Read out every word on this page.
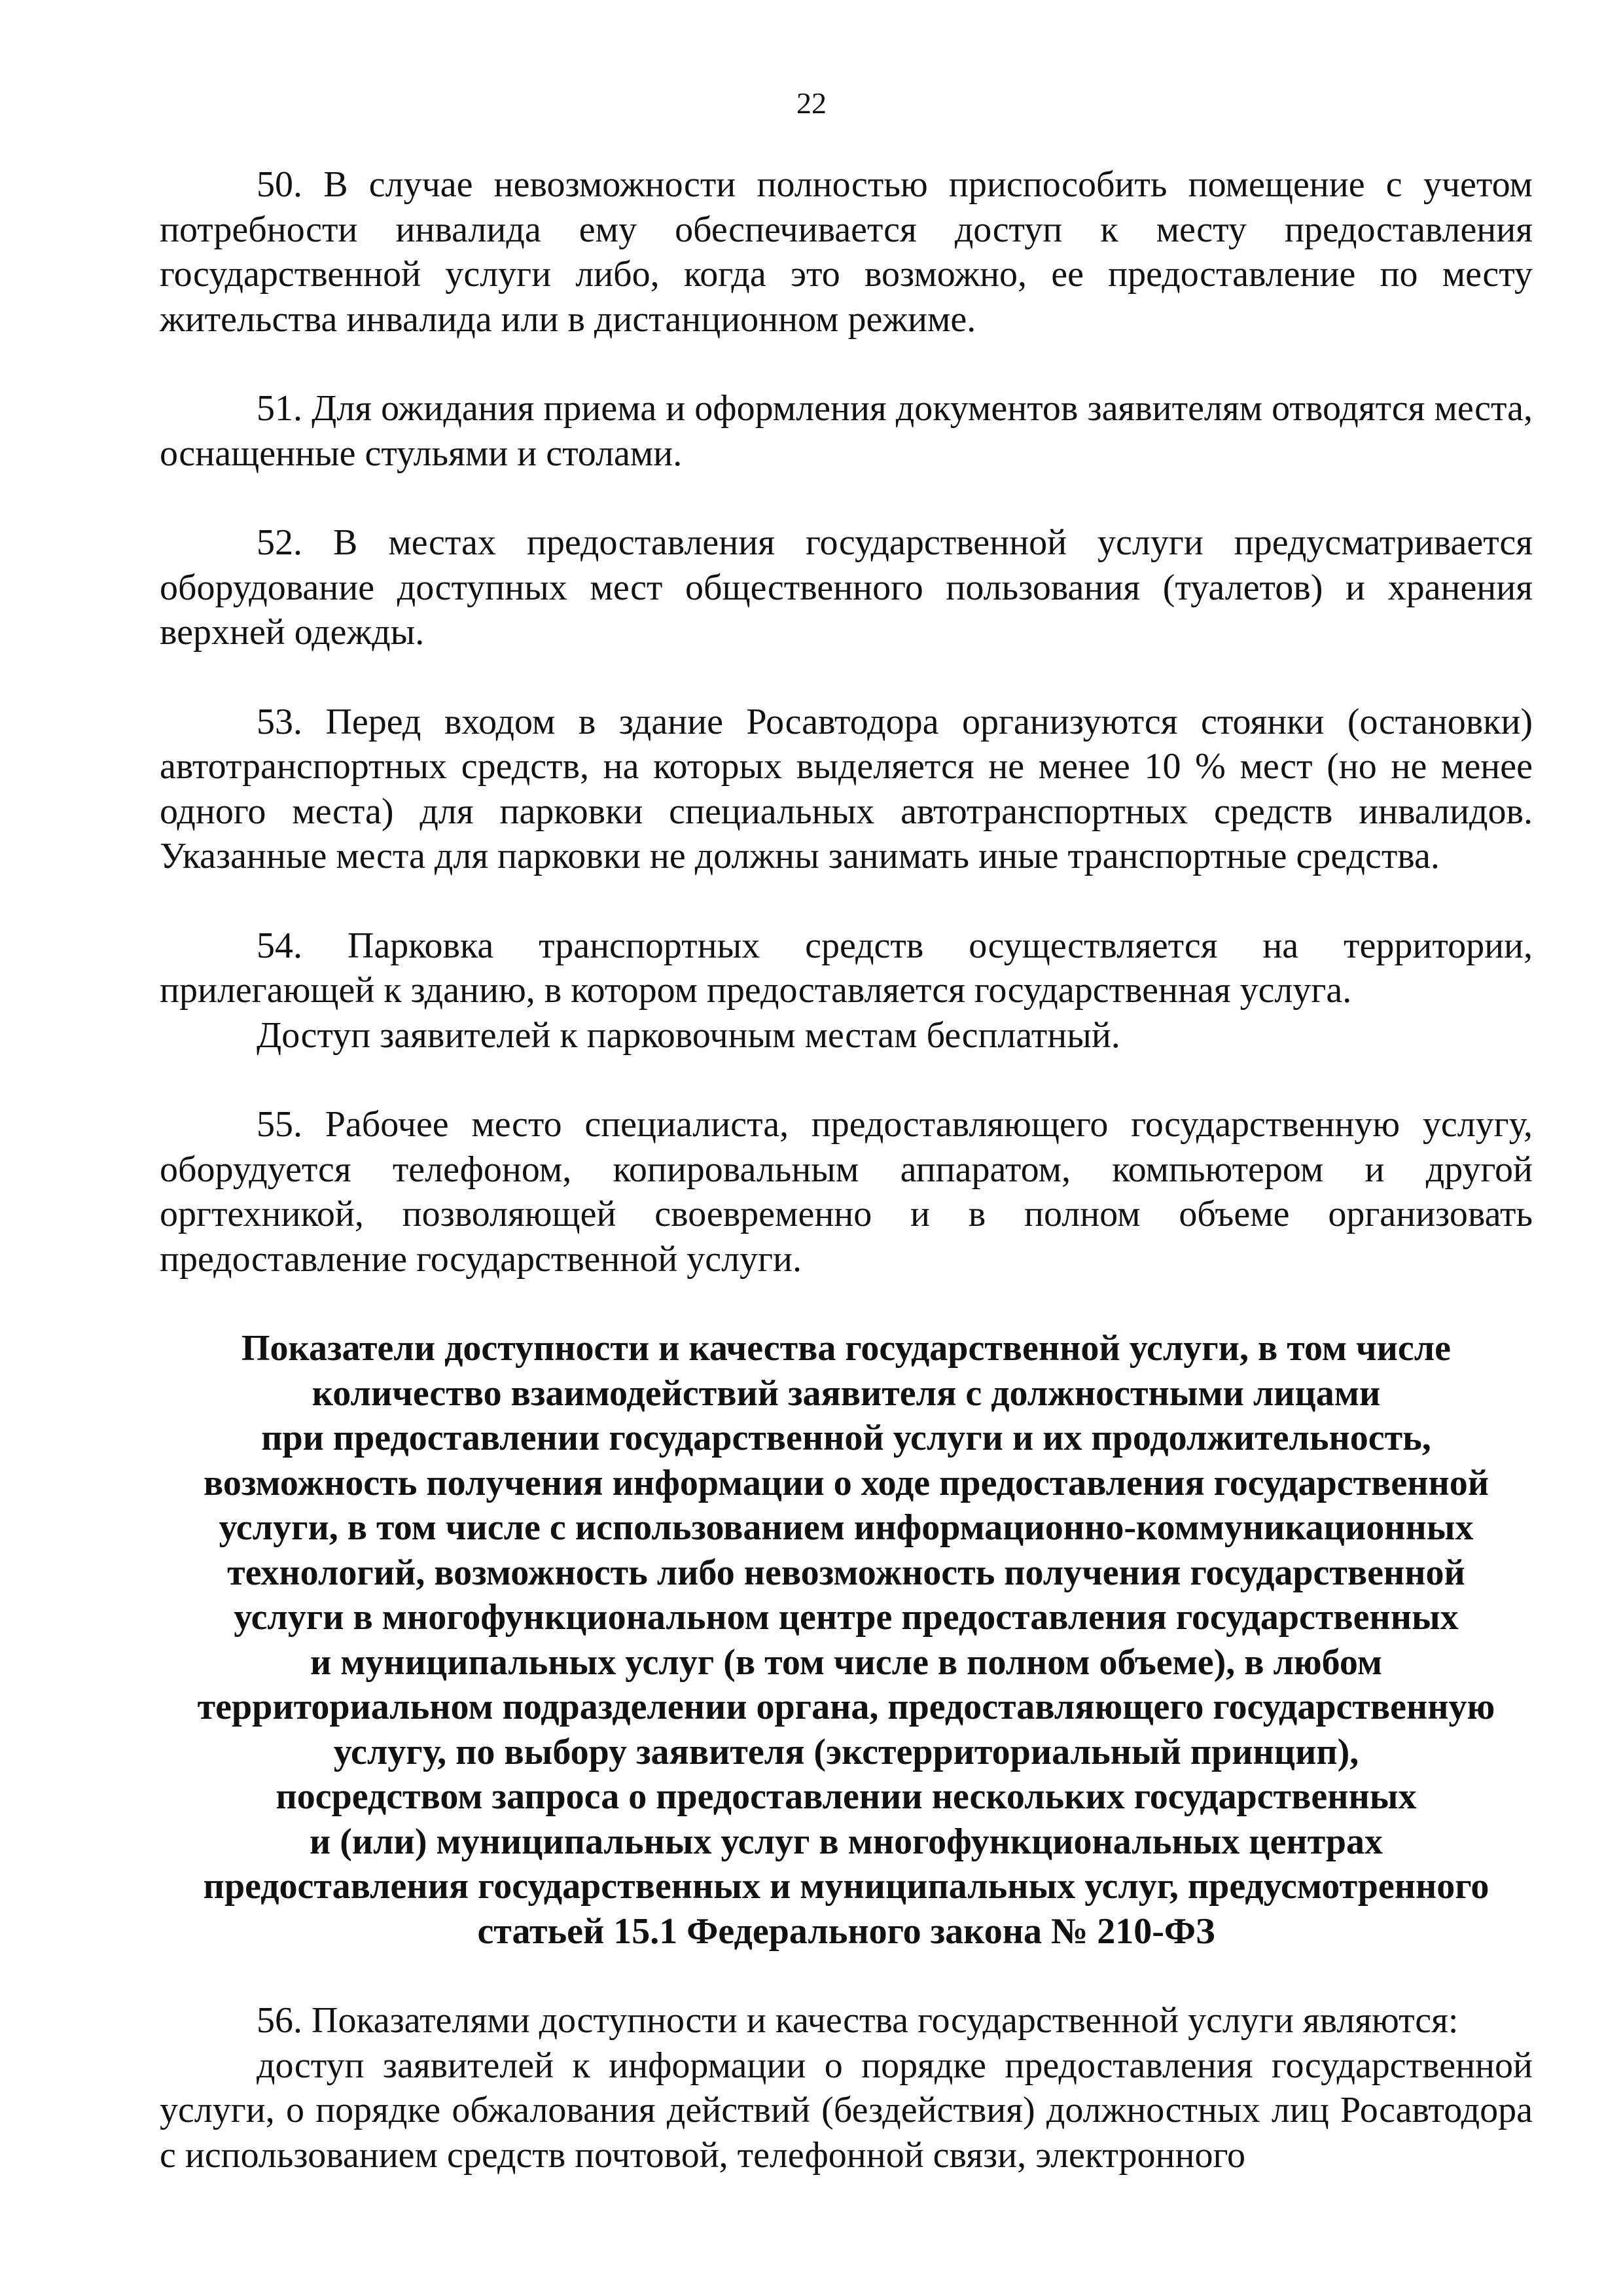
22

50. В случае невозможности полностью приспособить помещение с учетом потребности инвалида ему обеспечивается доступ к месту предоставления государственной услуги либо, когда это возможно, ее предоставление по месту жительства инвалида или в дистанционном режиме.

51. Для ожидания приема и оформления документов заявителям отводятся места, оснащенные стульями и столами.

52. В местах предоставления государственной услуги предусматривается оборудование доступных мест общественного пользования (туалетов) и хранения верхней одежды.

53. Перед входом в здание Росавтодора организуются стоянки (остановки) автотранспортных средств, на которых выделяется не менее 10 % мест (но не менее одного места) для парковки специальных автотранспортных средств инвалидов. Указанные места для парковки не должны занимать иные транспортные средства.

54. Парковка транспортных средств осуществляется на территории, прилегающей к зданию, в котором предоставляется государственная услуга.

Доступ заявителей к парковочным местам бесплатный.

55. Рабочее место специалиста, предоставляющего государственную услугу, оборудуется телефоном, копировальным аппаратом, компьютером и другой оргтехникой, позволяющей своевременно и в полном объеме организовать предоставление государственной услуги.

Показатели доступности и качества государственной услуги, в том числе
количество взаимодействий заявителя с должностными лицами
при предоставлении государственной услуги и их продолжительность,
возможность получения информации о ходе предоставления государственной
услуги, в том числе с использованием информационно-коммуникационных
технологий, возможность либо невозможность получения государственной
услуги в многофункциональном центре предоставления государственных
и муниципальных услуг (в том числе в полном объеме), в любом
территориальном подразделении органа, предоставляющего государственную
услугу, по выбору заявителя (экстерриториальный принцип),
посредством запроса о предоставлении нескольких государственных
и (или) муниципальных услуг в многофункциональных центрах
предоставления государственных и муниципальных услуг, предусмотренного
статьей 15.1 Федерального закона № 210-ФЗ

56. Показателями доступности и качества государственной услуги являются:

доступ заявителей к информации о порядке предоставления государственной услуги, о порядке обжалования действий (бездействия) должностных лиц Росавтодора с использованием средств почтовой, телефонной связи, электронного
